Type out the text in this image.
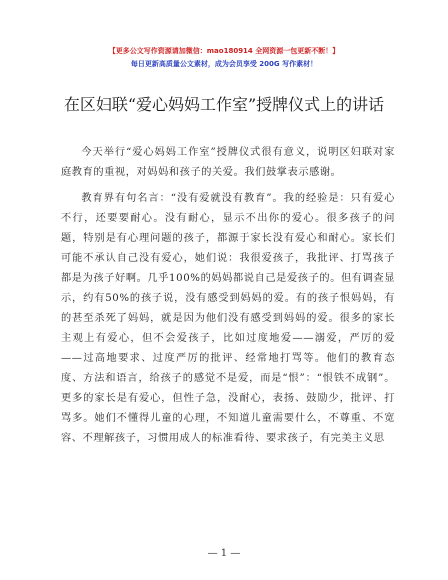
【更多公文写作资源请加微信：mao180914 全网资源一包更新不断！】
每日更新高质量公文素材，成为会员享受 200G 写作素材！
在区妇联“爱心妈妈工作室”授牌仪式上的讲话

今天举行“爱心妈妈工作室”授牌仪式很有意义，说明区妇联对家庭教育的重视，对妈妈和孩子的关爱。我们鼓掌表示感谢。

教育界有句名言：“没有爱就没有教育”。我的经验是：只有爱心不行，还要要耐心。没有耐心，显示不出你的爱心。很多孩子的问题，特别是有心理问题的孩子，都源于家长没有爱心和耐心。家长们可能不承认自己没有爱心，她们说：我很爱孩子，我批评、打骂孩子都是为孩子好啊。几乎100%的妈妈都说自己是爱孩子的。但有调查显示，约有50%的孩子说，没有感受到妈妈的爱。有的孩子恨妈妈，有的甚至杀死了妈妈，就是因为他们没有感受到妈妈的爱。很多的家长主观上有爱心，但不会爱孩子，比如过度地爱——溺爱，严厉的爱——过高地要求、过度严厉的批评、经常地打骂等。他们的教育态度、方法和语言，给孩子的感觉不是爱，而是“恨”：“恨铁不成钢”。更多的家长是有爱心，但性子急，没耐心，表扬、鼓励少，批评、打骂多。她们不懂得儿童的心理，不知道儿童需要什么，不尊重、不宽容、不理解孩子，习惯用成人的标准看待、要求孩子，有完美主义思

— 1 —
